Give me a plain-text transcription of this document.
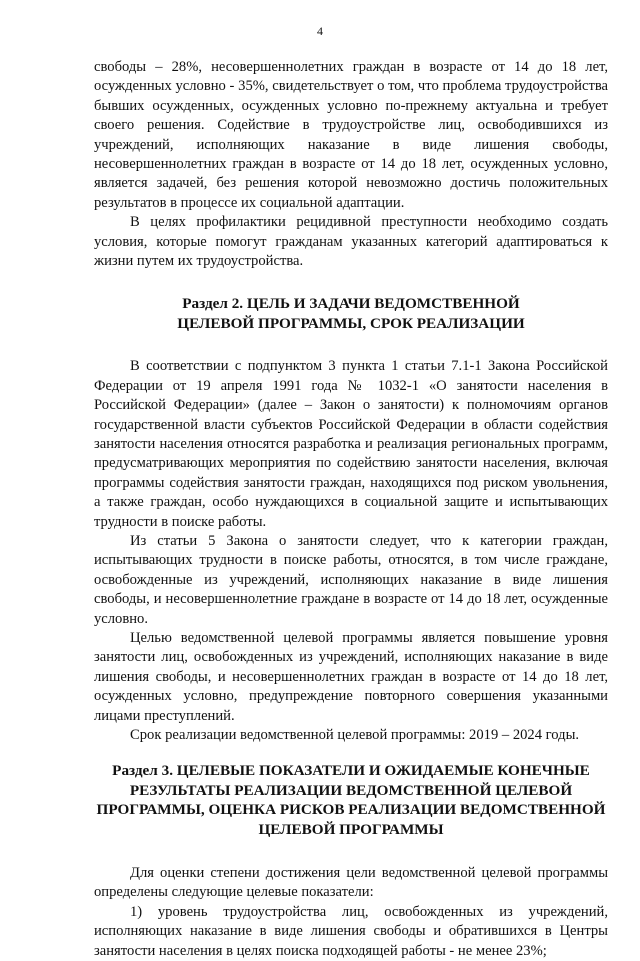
4

свободы – 28%, несовершеннолетних граждан в возрасте от 14 до 18 лет, осужденных условно - 35%, свидетельствует о том, что проблема трудоустройства бывших осужденных, осужденных условно по-прежнему актуальна и требует своего решения. Содействие в трудоустройстве лиц, освободившихся из учреждений, исполняющих наказание в виде лишения свободы, несовершеннолетних граждан в возрасте от 14 до 18 лет, осужденных условно, является задачей, без решения которой невозможно достичь положительных результатов в процессе их социальной адаптации.

В целях профилактики рецидивной преступности необходимо создать условия, которые помогут гражданам указанных категорий адаптироваться к жизни путем их трудоустройства.

Раздел 2. ЦЕЛЬ И ЗАДАЧИ ВЕДОМСТВЕННОЙ
ЦЕЛЕВОЙ ПРОГРАММЫ, СРОК РЕАЛИЗАЦИИ

В соответствии с подпунктом 3 пункта 1 статьи 7.1-1 Закона Российской Федерации от 19 апреля 1991 года № 1032-1 «О занятости населения в Российской Федерации» (далее – Закон о занятости) к полномочиям органов государственной власти субъектов Российской Федерации в области содействия занятости населения относятся разработка и реализация региональных программ, предусматривающих мероприятия по содействию занятости населения, включая программы содействия занятости граждан, находящихся под риском увольнения, а также граждан, особо нуждающихся в социальной защите и испытывающих трудности в поиске работы.

Из статьи 5 Закона о занятости следует, что к категории граждан, испытывающих трудности в поиске работы, относятся, в том числе граждане, освобожденные из учреждений, исполняющих наказание в виде лишения свободы, и несовершеннолетние граждане в возрасте от 14 до 18 лет, осужденные условно.

Целью ведомственной целевой программы является повышение уровня занятости лиц, освобожденных из учреждений, исполняющих наказание в виде лишения свободы, и несовершеннолетних граждан в возрасте от 14 до 18 лет, осужденных условно, предупреждение повторного совершения указанными лицами преступлений.

Срок реализации ведомственной целевой программы: 2019 – 2024 годы.

Раздел 3. ЦЕЛЕВЫЕ ПОКАЗАТЕЛИ И ОЖИДАЕМЫЕ КОНЕЧНЫЕ
РЕЗУЛЬТАТЫ РЕАЛИЗАЦИИ ВЕДОМСТВЕННОЙ ЦЕЛЕВОЙ
ПРОГРАММЫ, ОЦЕНКА РИСКОВ РЕАЛИЗАЦИИ ВЕДОМСТВЕННОЙ
ЦЕЛЕВОЙ ПРОГРАММЫ

Для оценки степени достижения цели ведомственной целевой программы определены следующие целевые показатели:

1) уровень трудоустройства лиц, освобожденных из учреждений, исполняющих наказание в виде лишения свободы и обратившихся в Центры занятости населения в целях поиска подходящей работы - не менее 23%;
